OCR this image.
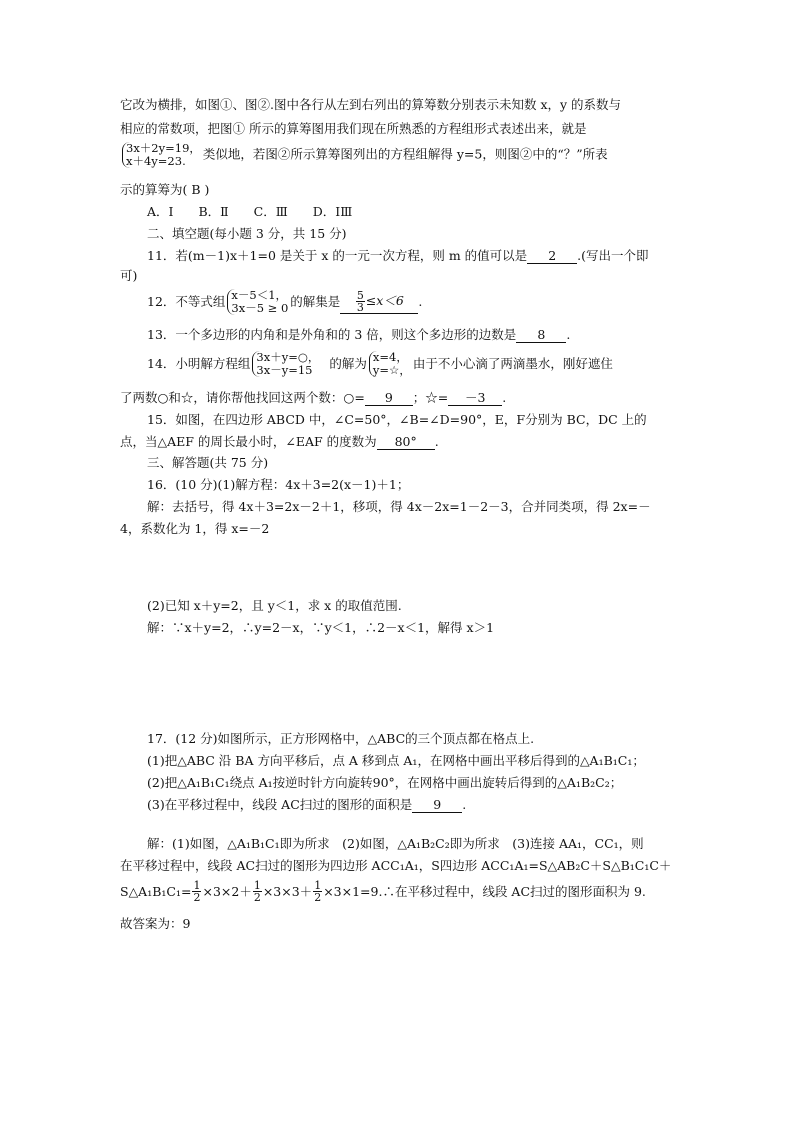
它改为横排，如图①、图②.图中各行从左到右列出的算筹数分别表示未知数 x，y 的系数与
相应的常数项，把图① 所示的算筹图用我们现在所熟悉的方程组形式表述出来，就是
3x＋2y=19，
x＋4y=23.	类似地，若图②所示算筹图列出的方程组解得 y=5，则图②中的“？”所表
示的算筹为( B )
A．Ⅰ　　B．Ⅱ　　C．Ⅲ　　D．ⅠⅢ
二、填空题(每小题 3 分，共 15 分)
11．若(m－1)x＋1=0 是关于 x 的一元一次方程，则 m 的值可以是 2 .(写出一个即
可)
12．不等式组 x－5＜1，
3x－5 ≥ 0 的解集是 $\frac{5}{3} \le x<6$ .
13．一个多边形的内角和是外角和的 3 倍，则这个多边形的边数是 8 .
14．小明解方程组 3x＋y=○，
3x－y=15	的解为 x=4，
y=☆， 由于不小心滴了两滴墨水，刚好遮住
了两数○和☆，请你帮他找回这两个数：○= 9 ；☆= －3 .
15．如图，在四边形 ABCD 中，∠C=50°，∠B=∠D=90°，E，F分别为 BC，DC 上的
点，当△AEF 的周长最小时，∠EAF 的度数为 80° .
三、解答题(共 75 分)
16．(10 分)(1)解方程：4x＋3=2(x－1)＋1；
解：去括号，得 4x＋3=2x－2＋1，移项，得 4x－2x=1－2－3，合并同类项，得 2x=－
4，系数化为 1，得 x=－2
(2)已知 x＋y=2，且 y＜1，求 x 的取值范围.
解：∵x＋y=2，∴y=2－x，∵y＜1，∴2－x＜1，解得 x＞1
17．(12 分)如图所示，正方形网格中，△ABC的三个顶点都在格点上.
(1)把△ABC 沿 BA 方向平移后，点 A 移到点 A₁，在网格中画出平移后得到的△A₁B₁C₁；
(2)把△A₁B₁C₁绕点 A₁按逆时针方向旋转90°，在网格中画出旋转后得到的△A₁B₂C₂；
(3)在平移过程中，线段 AC扫过的图形的面积是 9 .
解：(1)如图，△A₁B₁C₁即为所求　(2)如图，△A₁B₂C₂即为所求　(3)连接 AA₁，CC₁，则
在平移过程中，线段 AC扫过的图形为四边形 ACC₁A₁，S四边形 ACC₁A₁=S△AB₂C＋S△B₁C₁C＋
S△A₁B₁C₁= $\frac{1}{2} \times 3\times 2+ \frac{1}{2} \times 3\times 3+ \frac{1}{2}$ ×3×1=9.∴在平移过程中，线段 AC扫过的图形面积为 9.
故答案为：9
